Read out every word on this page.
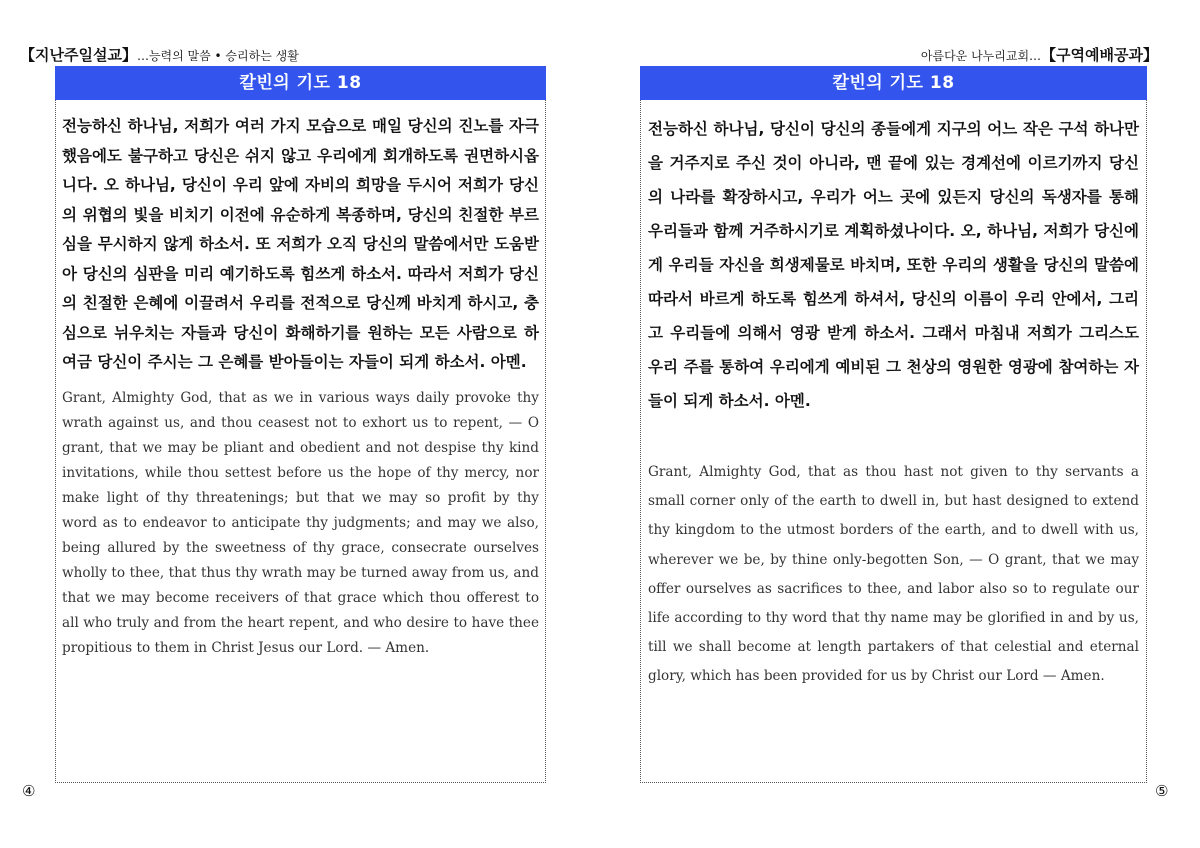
【지난주일설교】…능력의 말씀 • 승리하는 생활	아름다운 나누리교회…【구역예배공과】
칼빈의 기도 18

전능하신 하나님, 저희가 여러 가지 모습으로 매일 당신의 진노를 자극했음에도 불구하고 당신은 쉬지 않고 우리에게 회개하도록 권면하시옵니다. 오 하나님, 당신이 우리 앞에 자비의 희망을 두시어 저희가 당신의 위협의 빛을 비치기 이전에 유순하게 복종하며, 당신의 친절한 부르심을 무시하지 않게 하소서. 또 저희가 오직 당신의 말씀에서만 도움받아 당신의 심판을 미리 예기하도록 힘쓰게 하소서. 따라서 저희가 당신의 친절한 은혜에 이끌려서 우리를 전적으로 당신께 바치게 하시고, 충심으로 뉘우치는 자들과 당신이 화해하기를 원하는 모든 사람으로 하여금 당신이 주시는 그 은혜를 받아들이는 자들이 되게 하소서. 아멘.

Grant, Almighty God, that as we in various ways daily provoke thy wrath against us, and thou ceasest not to exhort us to repent, — O grant, that we may be pliant and obedient and not despise thy kind invitations, while thou settest before us the hope of thy mercy, nor make light of thy threatenings; but that we may so profit by thy word as to endeavor to anticipate thy judgments; and may we also, being allured by the sweetness of thy grace, consecrate ourselves wholly to thee, that thus thy wrath may be turned away from us, and that we may become receivers of that grace which thou offerest to all who truly and from the heart repent, and who desire to have thee propitious to them in Christ Jesus our Lord. — Amen.

칼빈의 기도 18

전능하신 하나님, 당신이 당신의 종들에게 지구의 어느 작은 구석 하나만을 거주지로 주신 것이 아니라, 맨 끝에 있는 경계선에 이르기까지 당신의 나라를 확장하시고, 우리가 어느 곳에 있든지 당신의 독생자를 통해 우리들과 함께 거주하시기로 계획하셨나이다. 오, 하나님, 저희가 당신에게 우리들 자신을 희생제물로 바치며, 또한 우리의 생활을 당신의 말씀에 따라서 바르게 하도록 힘쓰게 하셔서, 당신의 이름이 우리 안에서, 그리고 우리들에 의해서 영광 받게 하소서. 그래서 마침내 저희가 그리스도 우리 주를 통하여 우리에게 예비된 그 천상의 영원한 영광에 참여하는 자들이 되게 하소서. 아멘.

Grant, Almighty God, that as thou hast not given to thy servants a small corner only of the earth to dwell in, but hast designed to extend thy kingdom to the utmost borders of the earth, and to dwell with us, wherever we be, by thine only-begotten Son, — O grant, that we may offer ourselves as sacrifices to thee, and labor also so to regulate our life according to thy word that thy name may be glorified in and by us, till we shall become at length partakers of that celestial and eternal glory, which has been provided for us by Christ our Lord — Amen.

④	⑤
